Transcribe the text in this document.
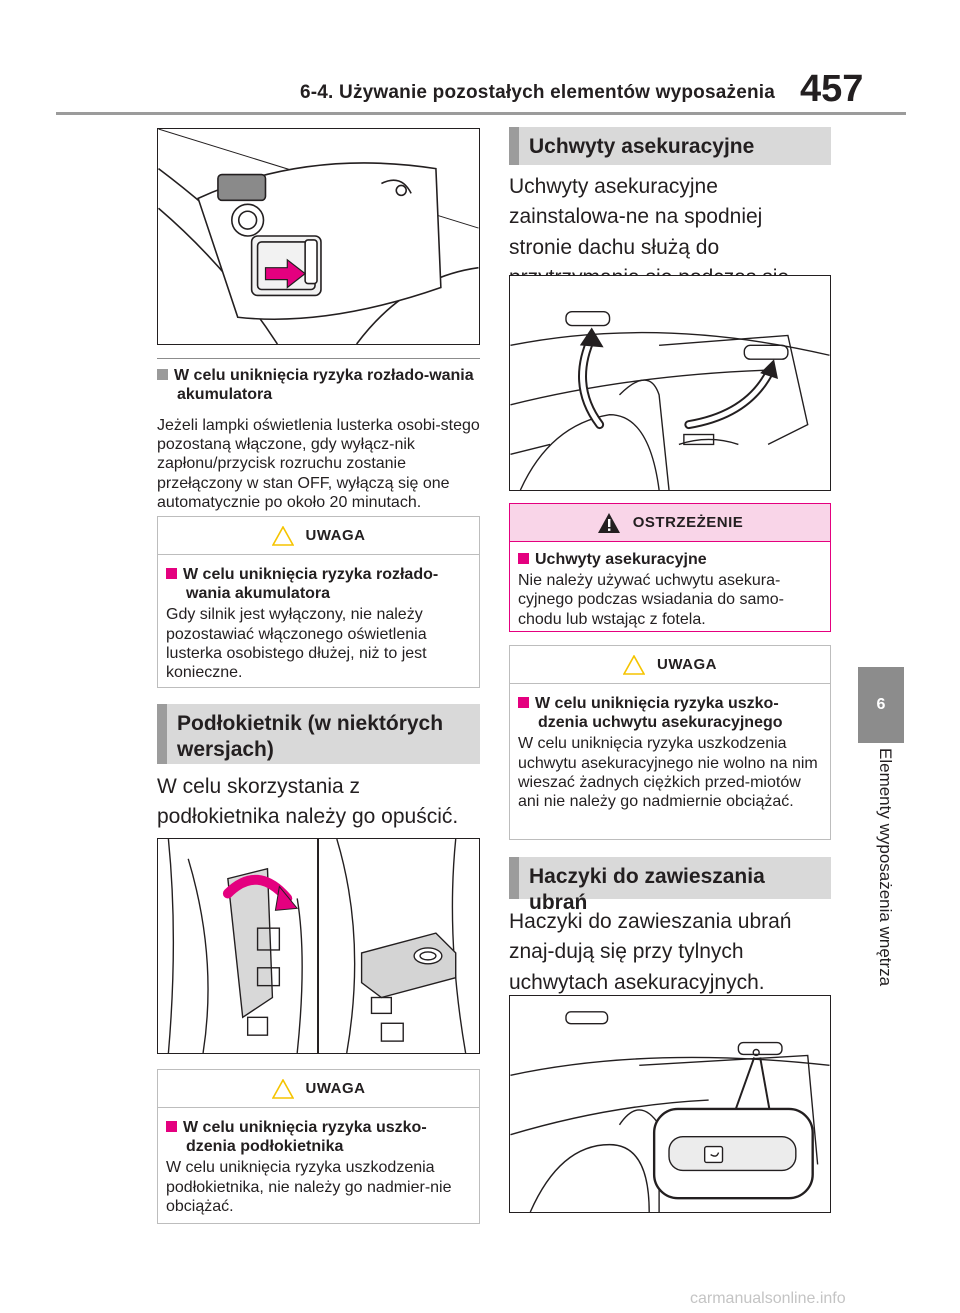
6-4. Używanie pozostałych elementów wyposażenia 457
6
Elementy wyposażenia wnętrza
W celu uniknięcia ryzyka rozłado-wania akumulatora
Jeżeli lampki oświetlenia lusterka osobi-stego pozostaną włączone, gdy wyłącz-nik zapłonu/przycisk rozruchu zostanie przełączony w stan OFF, wyłączą się one automatycznie po około 20 minutach.
UWAGA
W celu uniknięcia ryzyka rozłado-wania akumulatora
Gdy silnik jest wyłączony, nie należy pozostawiać włączonego oświetlenia lusterka osobistego dłużej, niż to jest konieczne.
Podłokietnik (w niektórych wersjach)
W celu skorzystania z podłokietnika należy go opuścić.
UWAGA
W celu uniknięcia ryzyka uszko-dzenia podłokietnika
W celu uniknięcia ryzyka uszkodzenia podłokietnika, nie należy go nadmier-nie obciążać.
Uchwyty asekuracyjne
Uchwyty asekuracyjne zainstalowa-ne na spodniej stronie dachu służą do
OSTRZEŻENIE
Uchwyty asekuracyjne
Nie należy używać uchwytu asekura-cyjnego podczas wsiadania do samo-chodu lub wstając z fotela.
UWAGA
W celu uniknięcia ryzyka uszko-dzenia uchwytu asekuracyjnego
W celu uniknięcia ryzyka uszkodzenia uchwytu asekuracyjnego nie wolno na nim wieszać żadnych ciężkich przed-miotów ani nie należy go nadmiernie obciążać.
Haczyki do zawieszania ubrań
Haczyki do zawieszania ubrań znaj-dują się przy tylnych uchwytach asekuracyjnych.
carmanualsonline.info
